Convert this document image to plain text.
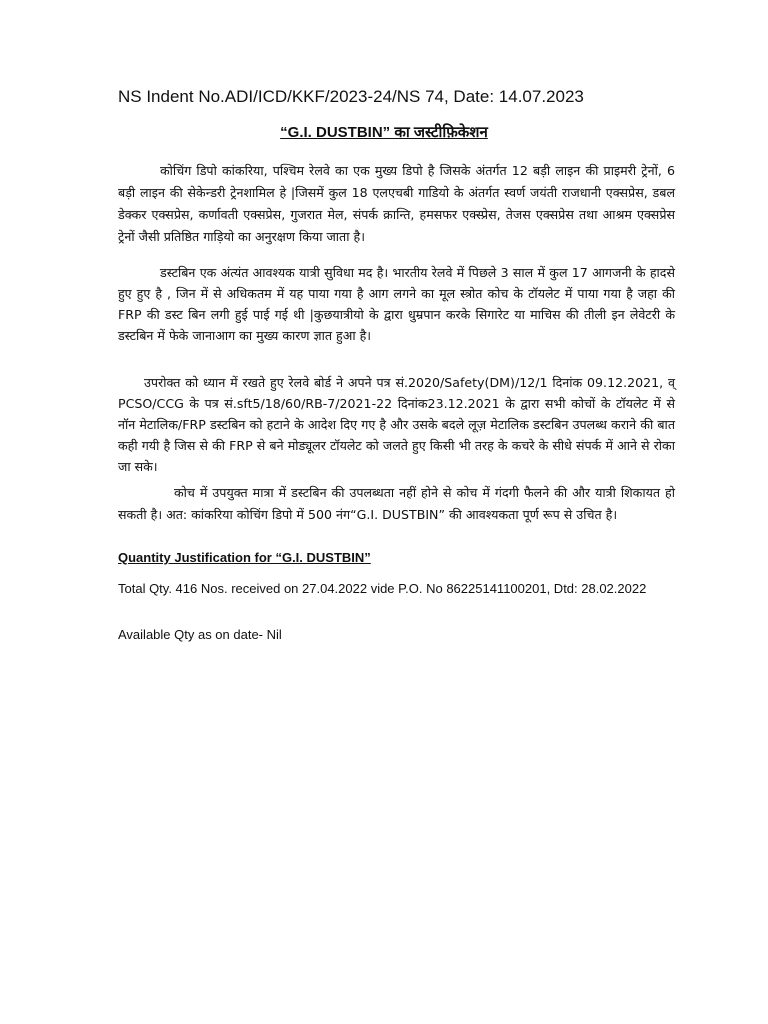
NS Indent No.ADI/ICD/KKF/2023-24/NS 74, Date: 14.07.2023
“G.I. DUSTBIN” का जस्टीफ़िकेशन

कोचिंग डिपो कांकरिया, पश्चिम रेलवे का एक मुख्य डिपो है जिसके अंतर्गत 12 बड़ी लाइन की प्राइमरी ट्रेनों, 6 बड़ी लाइन की सेकेन्डरी ट्रेनशामिल हे |जिसमें कुल 18 एलएचबी गाडियो के अंतर्गत स्वर्ण जयंती राजधानी एक्सप्रेस, डबल डेक्कर एक्सप्रेस, कर्णावती एक्सप्रेस, गुजरात मेल, संपर्क क्रान्ति, हमसफर एक्स्प्रेस, तेजस एक्सप्रेस तथा आश्रम एक्सप्रेस ट्रेनों जैसी प्रतिष्ठित गाड़ियो का अनुरक्षण किया जाता है।

डस्टबिन एक अंत्यंत आवश्यक यात्री सुविधा मद है। भारतीय रेलवे में पिछले 3 साल में कुल 17 आगजनी के हादसे हुए हुए है , जिन में से अधिकतम में यह पाया गया है आग लगने का मूल स्त्रोत कोच के टॉयलेट में पाया गया है जहा की FRP की डस्ट बिन लगी हुई पाई गई थी |कुछयात्रीयो के द्वारा धुम्रपान करके सिगारेट या माचिस की तीली इन लेवेटरी के डस्टबिन में फेके जानाआग का मुख्य कारण ज्ञात हुआ है।

उपरोक्त को ध्यान में रखते हुए रेलवे बोर्ड ने अपने पत्र सं.2020/Safety(DM)/12/1 दिनांक 09.12.2021, व् PCSO/CCG के पत्र सं.sft5/18/60/RB-7/2021-22 दिनांक23.12.2021 के द्वारा सभी कोचों के टॉयलेट में से नॉन मेटालिक/FRP डस्टबिन को हटाने के आदेश दिए गए है और उसके बदले लूज़ मेटालिक डस्टबिन उपलब्ध कराने की बात कही गयी है जिस से की FRP से बने मोड्यूलर टॉयलेट को जलते हुए किसी भी तरह के कचरे के सीधे संपर्क में आने से रोका जा सके।

कोच में उपयुक्त मात्रा में डस्टबिन की उपलब्धता नहीं होने से कोच में गंदगी फैलने की और यात्री शिकायत हो सकती है। अत: कांकरिया कोचिंग डिपो में 500 नंग“G.I. DUSTBIN” की आवश्यकता पूर्ण रूप से उचित है।

Quantity Justification for “G.I. DUSTBIN”

Total Qty. 416 Nos. received on 27.04.2022 vide P.O. No 86225141100201, Dtd: 28.02.2022

Available Qty as on date- Nil
